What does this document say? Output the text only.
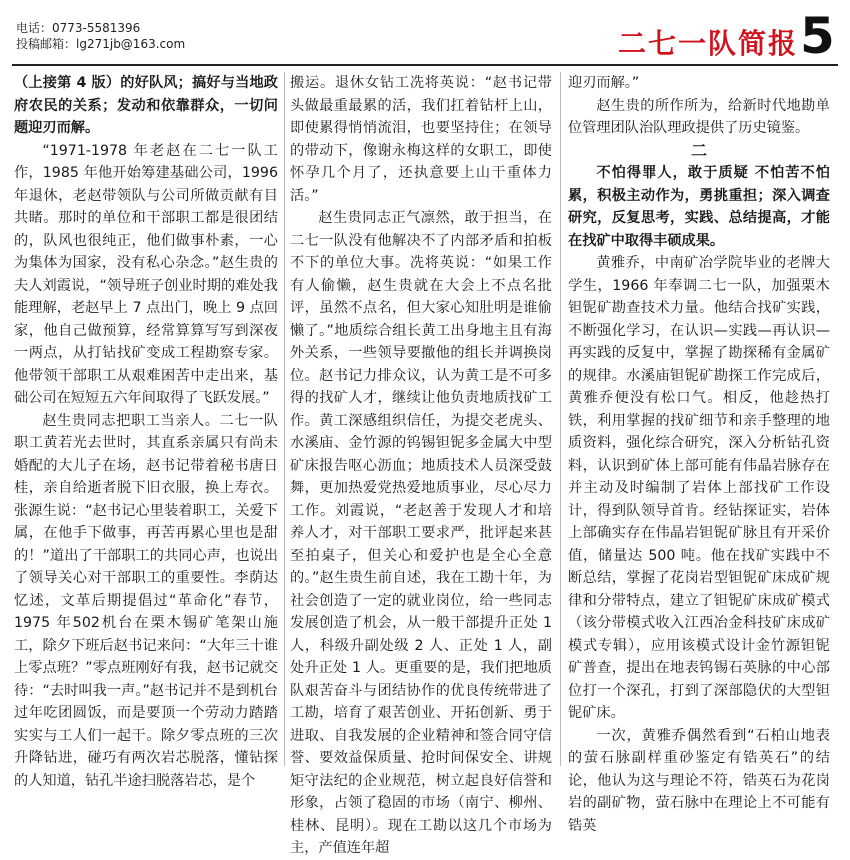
电话：0773-5581396
投稿邮箱：lg271jb@163.com	二七一队简报 5

（上接第 4 版）的好队风；搞好与当地政府农民的关系；发动和依靠群众，一切问题迎刃而解。

“1971-1978 年老赵在二七一队工作，1985 年他开始筹建基础公司，1996 年退休，老赵带领队与公司所做贡献有目共睹。那时的单位和干部职工都是很团结的，队风也很纯正，他们做事朴素，一心为集体为国家，没有私心杂念。”赵生贵的夫人刘霞说，“领导班子创业时期的难处我能理解，老赵早上 7 点出门，晚上 9 点回家，他自己做预算，经常算算写写到深夜一两点，从打钻找矿变成工程勘察专家。他带领干部职工从艰难困苦中走出来，基础公司在短短五六年间取得了飞跃发展。”

赵生贵同志把职工当亲人。二七一队职工黄若光去世时，其直系亲属只有尚未婚配的大儿子在场，赵书记带着秘书唐日桂，亲自给逝者脱下旧衣服，换上寿衣。张源生说：“赵书记心里装着职工，关爱下属，在他手下做事，再苦再累心里也是甜的！”道出了干部职工的共同心声，也说出了领导关心对干部职工的重要性。李荫达忆述，文革后期提倡过“革命化”春节，1975 年502机台在栗木锡矿笔架山施工，除夕下班后赵书记来问：“大年三十谁上零点班？”零点班刚好有我，赵书记就交待：“去时叫我一声。”赵书记并不是到机台过年吃团圆饭，而是要顶一个劳动力踏踏实实与工人们一起干。除夕零点班的三次升降钻进，碰巧有两次岩芯脱落，懂钻探的人知道，钻孔半途扫脱落岩芯，是个

搬运。退休女钻工冼将英说：“赵书记带头做最重最累的活，我们扛着钻杆上山，即使累得悄悄流泪，也要坚持住；在领导的带动下，像谢永梅这样的女职工，即使怀孕几个月了，还执意要上山干重体力活。”

赵生贵同志正气凛然，敢于担当，在二七一队没有他解决不了内部矛盾和拍板不下的单位大事。冼将英说：“如果工作有人偷懒，赵生贵就在大会上不点名批评，虽然不点名，但大家心知肚明是谁偷懒了。”地质综合组长黄工出身地主且有海外关系，一些领导要撤他的组长并调换岗位。赵书记力排众议，认为黄工是不可多得的找矿人才，继续让他负责地质找矿工作。黄工深感组织信任，为提交老虎头、水溪庙、金竹源的钨锡钽铌多金属大中型矿床报告呕心沥血；地质技术人员深受鼓舞，更加热爱党热爱地质事业，尽心尽力工作。刘霞说，“老赵善于发现人才和培养人才，对干部职工要求严，批评起来甚至拍桌子，但关心和爱护也是全心全意的。”赵生贵生前自述，我在工勘十年，为社会创造了一定的就业岗位，给一些同志发展创造了机会，从一般干部提升正处 1 人，科级升副处级 2 人、正处 1 人，副处升正处 1 人。更重要的是，我们把地质队艰苦奋斗与团结协作的优良传统带进了工勘，培育了艰苦创业、开拓创新、勇于进取、自我发展的企业精神和签合同守信誉、要效益保质量、抢时间保安全、讲规矩守法纪的企业规范，树立起良好信誉和形象，占领了稳固的市场（南宁、柳州、桂林、昆明）。现在工勘以这几个市场为主，产值连年超

迎刃而解。”

赵生贵的所作所为，给新时代地勘单位管理团队治队理政提供了历史镜鉴。

二

不怕得罪人，敢于质疑 不怕苦不怕累，积极主动作为，勇挑重担；深入调查研究，反复思考，实践、总结提高，才能在找矿中取得丰硕成果。

黄雅乔，中南矿冶学院毕业的老牌大学生，1966 年奉调二七一队，加强栗木钽铌矿勘查技术力量。他结合找矿实践，不断强化学习，在认识—实践—再认识—再实践的反复中，掌握了勘探稀有金属矿的规律。水溪庙钽铌矿勘探工作完成后，黄雅乔便没有松口气。相反，他趁热打铁，利用掌握的找矿细节和亲手整理的地质资料，强化综合研究，深入分析钻孔资料，认识到矿体上部可能有伟晶岩脉存在并主动及时编制了岩体上部找矿工作设计，得到队领导首肯。经钻探证实，岩体上部确实存在伟晶岩钽铌矿脉且有开采价值，储量达 500 吨。他在找矿实践中不断总结，掌握了花岗岩型钽铌矿床成矿规律和分带特点，建立了钽铌矿床成矿模式（该分带模式收入江西冶金科技矿床成矿模式专辑），应用该模式设计金竹源钽铌矿普查，提出在地表钨锡石英脉的中心部位打一个深孔，打到了深部隐伏的大型钽铌矿床。

一次，黄雅乔偶然看到“石柏山地表的萤石脉副样重砂鉴定有锆英石”的结论，他认为这与理论不符，锆英石为花岗岩的副矿物，萤石脉中在理论上不可能有锆英
